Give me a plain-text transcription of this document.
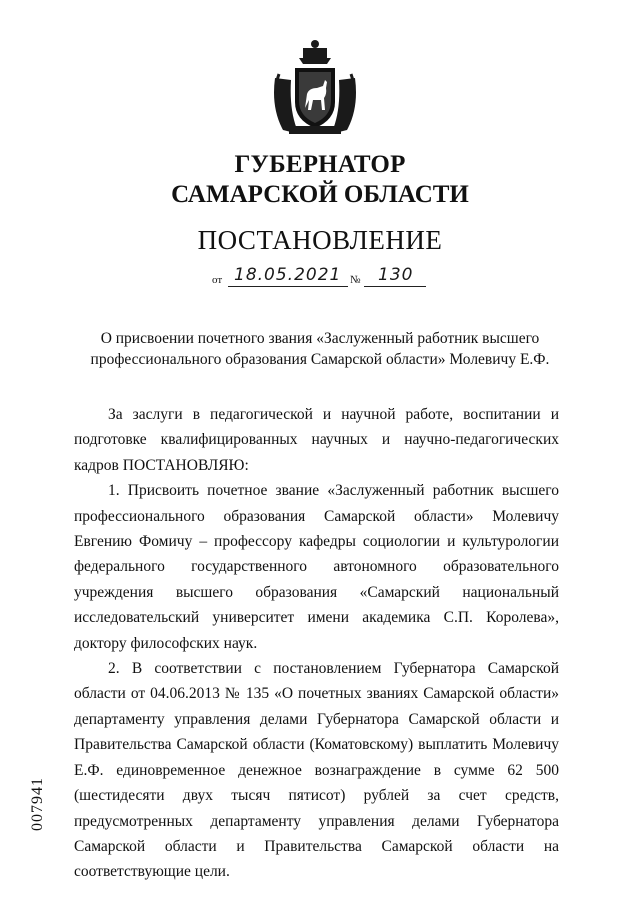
ГУБЕРНАТОР
САМАРСКОЙ ОБЛАСТИ
ПОСТАНОВЛЕНИЕ
от 18.05.2021 № 130
О присвоении почетного звания «Заслуженный работник высшего профессионального образования Самарской области» Молевичу Е.Ф.

За заслуги в педагогической и научной работе, воспитании и подготовке квалифицированных научных и научно-педагогических кадров ПОСТАНОВЛЯЮ:

1. Присвоить почетное звание «Заслуженный работник высшего профессионального образования Самарской области» Молевичу Евгению Фомичу – профессору кафедры социологии и культурологии федерального государственного автономного образовательного учреждения высшего образования «Самарский национальный исследовательский университет имени академика С.П. Королева», доктору философских наук.

2. В соответствии с постановлением Губернатора Самарской области от 04.06.2013 № 135 «О почетных званиях Самарской области» департаменту управления делами Губернатора Самарской области и Правительства Самарской области (Коматовскому) выплатить Молевичу Е.Ф. единовременное денежное вознаграждение в сумме 62 500 (шестидесяти двух тысяч пятисот) рублей за счет средств, предусмотренных департаменту управления делами Губернатора Самарской области и Правительства Самарской области на соответствующие цели.

007941
